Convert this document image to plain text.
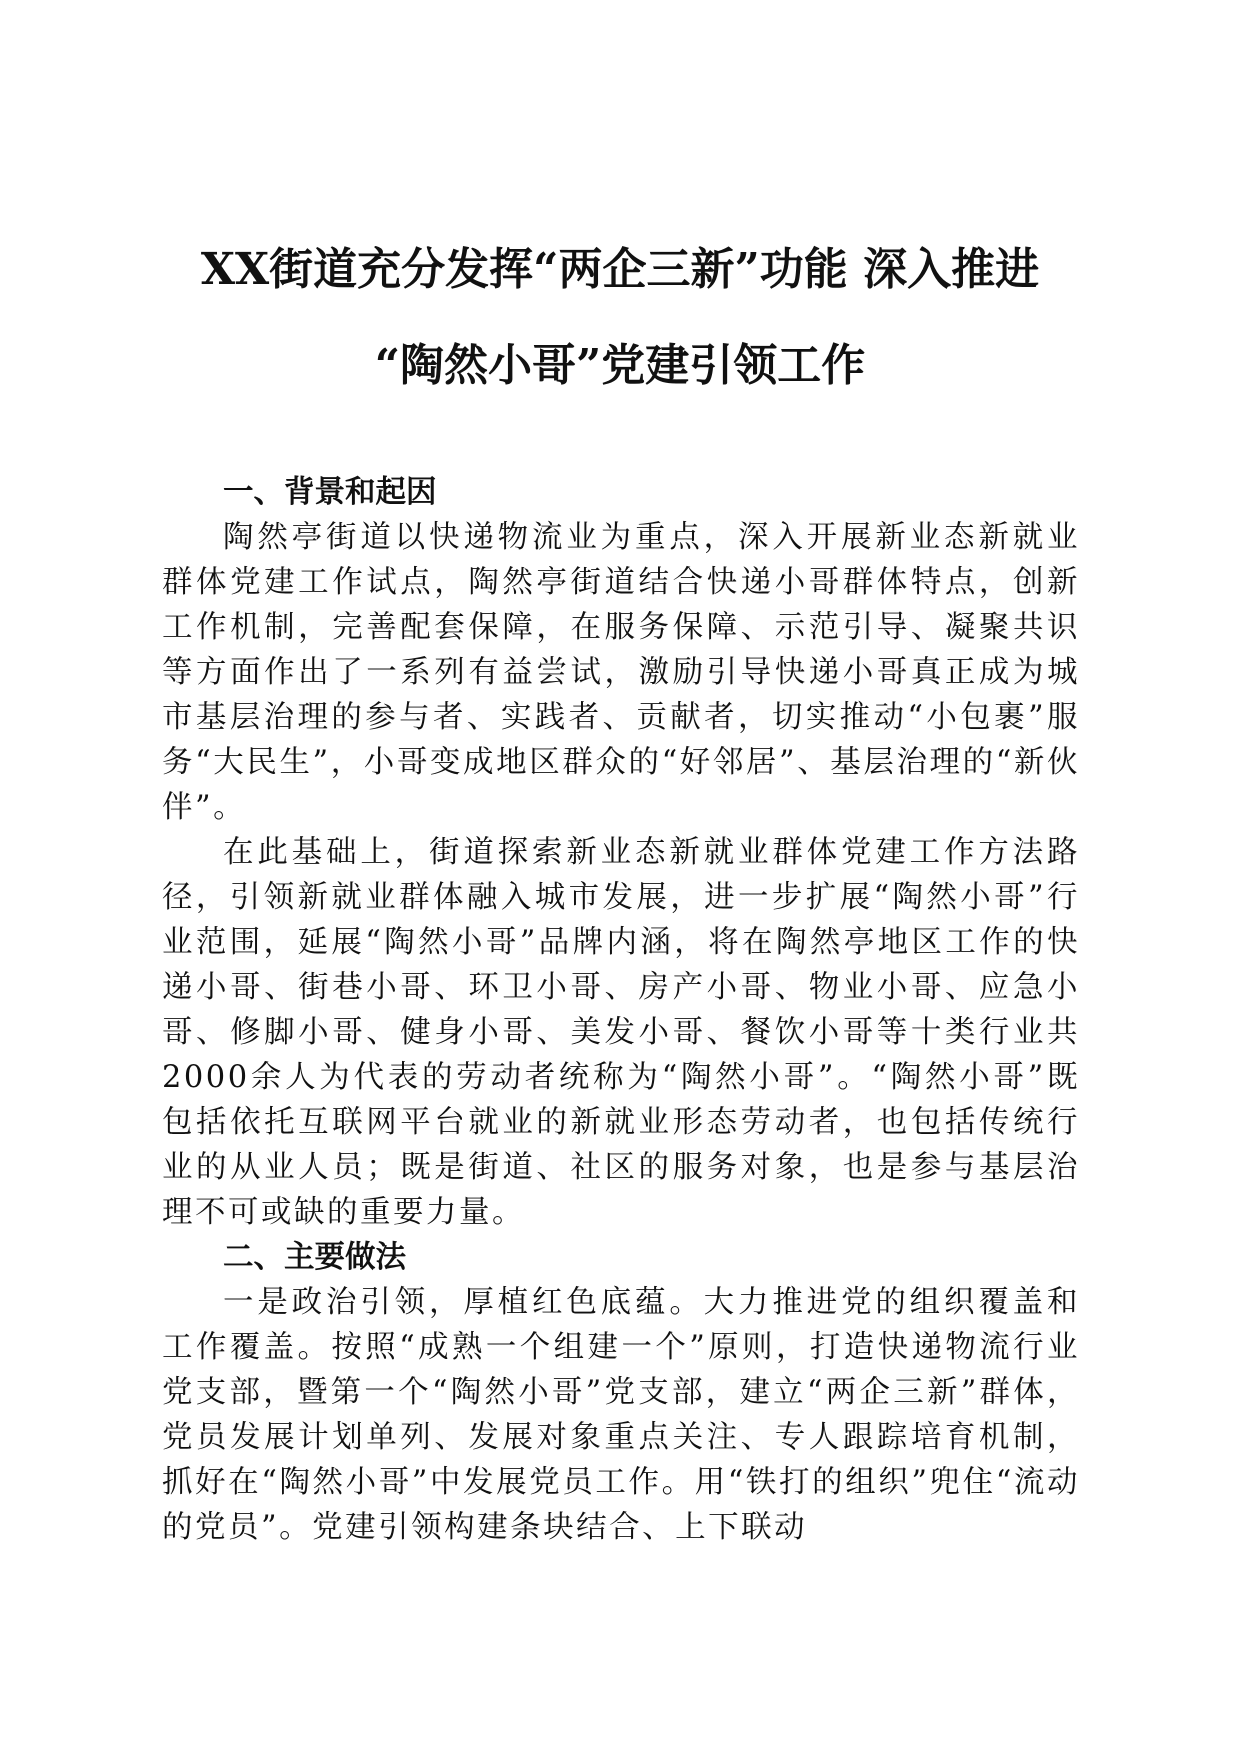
XX街道充分发挥“两企三新”功能 深入推进
“陶然小哥”党建引领工作
一、背景和起因

陶然亭街道以快递物流业为重点，深入开展新业态新就业群体党建工作试点，陶然亭街道结合快递小哥群体特点，创新工作机制，完善配套保障，在服务保障、示范引导、凝聚共识等方面作出了一系列有益尝试，激励引导快递小哥真正成为城市基层治理的参与者、实践者、贡献者，切实推动“小包裹”服务“大民生”，小哥变成地区群众的“好邻居”、基层治理的“新伙伴”。

在此基础上，街道探索新业态新就业群体党建工作方法路径，引领新就业群体融入城市发展，进一步扩展“陶然小哥”行业范围，延展“陶然小哥”品牌内涵，将在陶然亭地区工作的快递小哥、街巷小哥、环卫小哥、房产小哥、物业小哥、应急小哥、修脚小哥、健身小哥、美发小哥、餐饮小哥等十类行业共2000余人为代表的劳动者统称为“陶然小哥”。“陶然小哥”既包括依托互联网平台就业的新就业形态劳动者，也包括传统行业的从业人员；既是街道、社区的服务对象，也是参与基层治理不可或缺的重要力量。

二、主要做法

一是政治引领，厚植红色底蕴。大力推进党的组织覆盖和工作覆盖。按照“成熟一个组建一个”原则，打造快递物流行业党支部，暨第一个“陶然小哥”党支部，建立“两企三新”群体，党员发展计划单列、发展对象重点关注、专人跟踪培育机制，抓好在“陶然小哥”中发展党员工作。用“铁打的组织”兜住“流动的党员”。党建引领构建条块结合、上下联动
